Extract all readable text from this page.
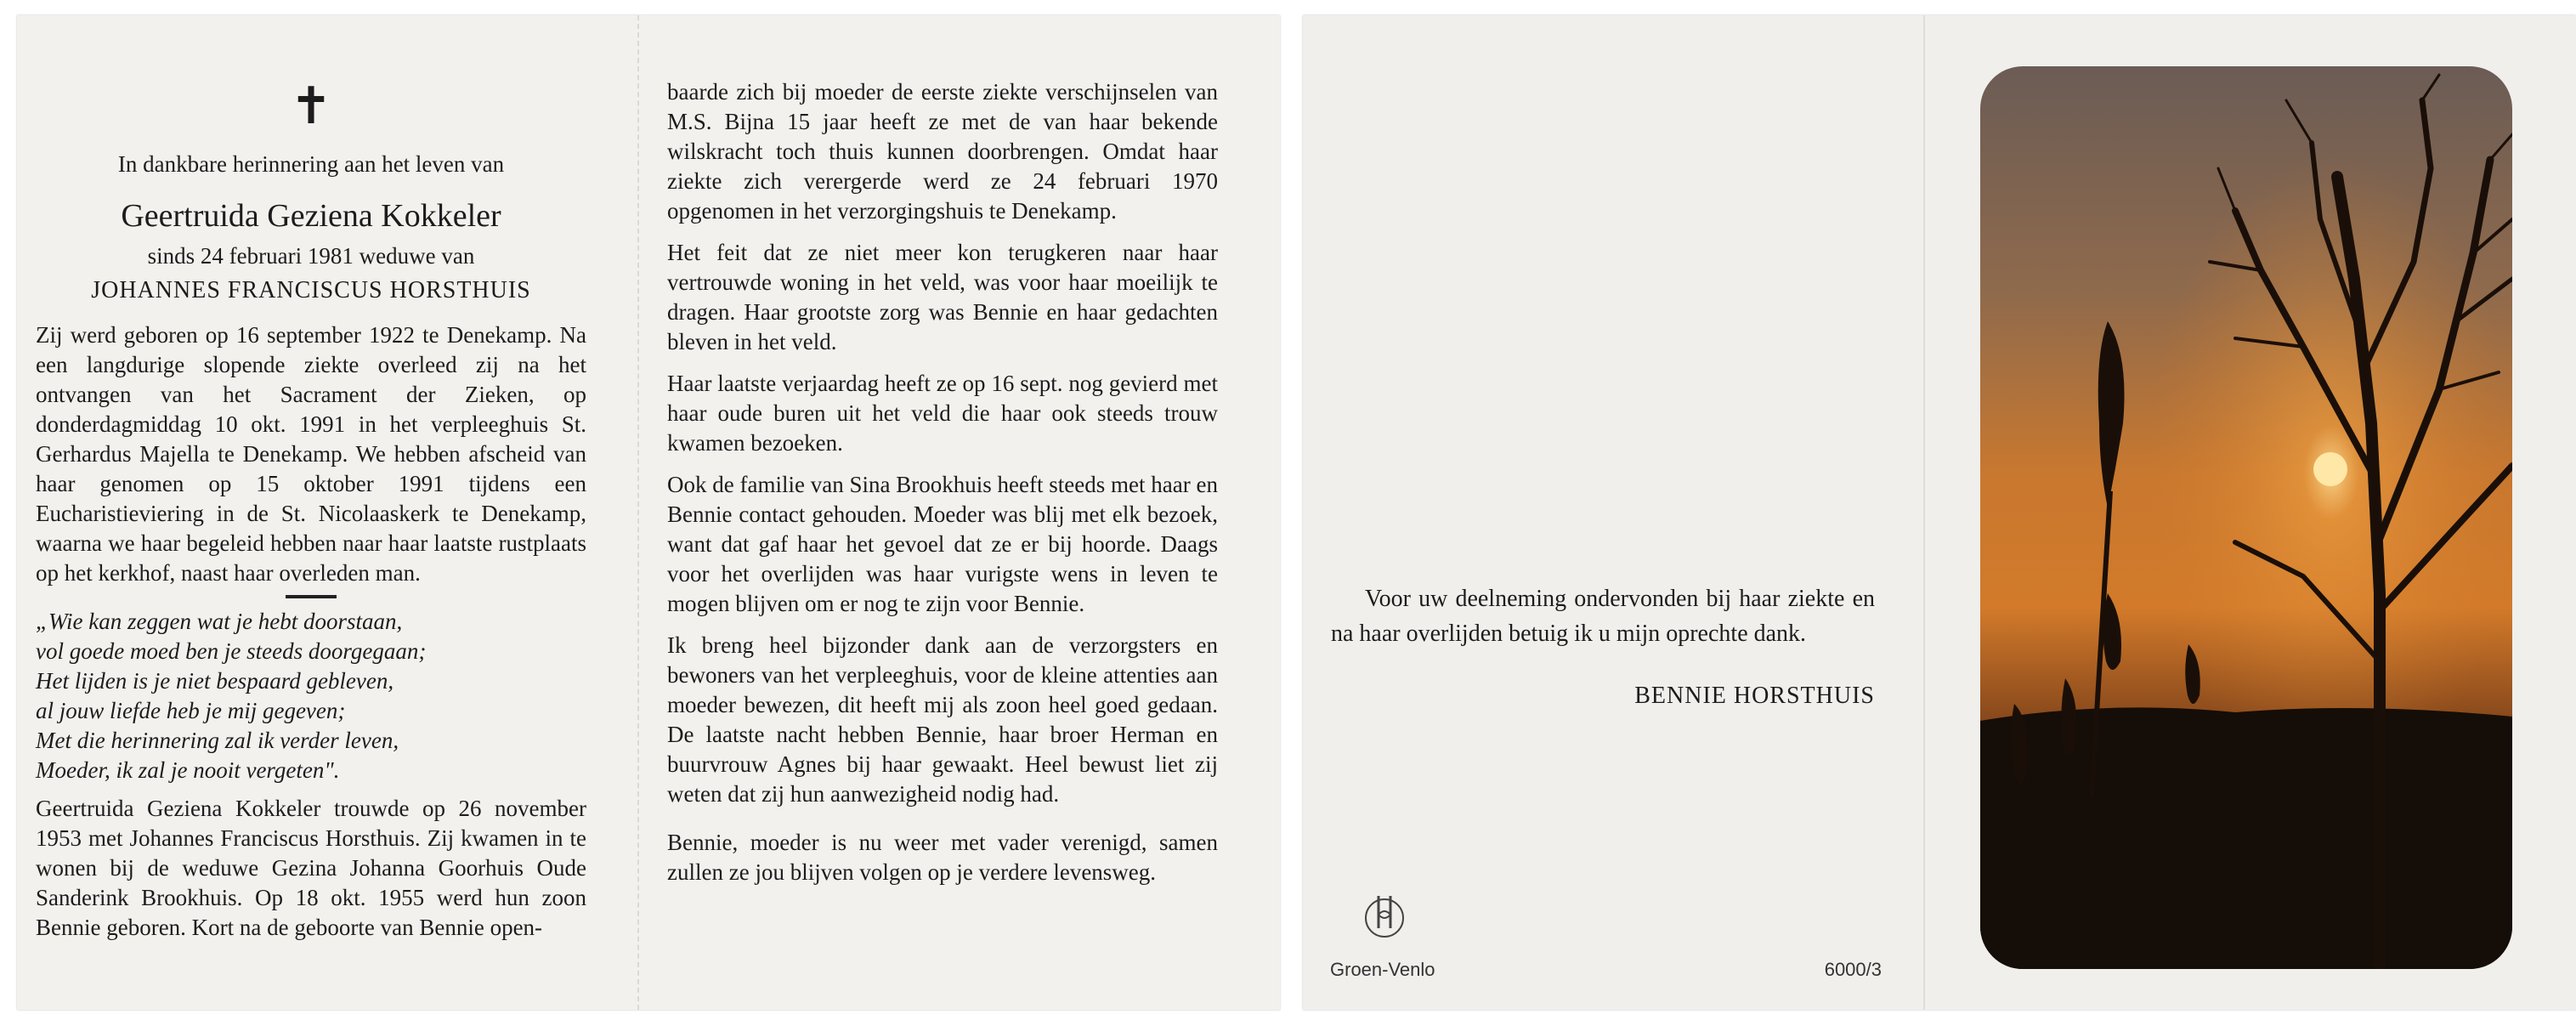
✝

In dankbare herinnering aan het leven van

Geertruida Geziena Kokkeler

sinds 24 februari 1981 weduwe van

JOHANNES FRANCISCUS HORSTHUIS

Zij werd geboren op 16 september 1922 te Denekamp. Na een langdurige slopende ziekte overleed zij na het ontvangen van het Sacrament der Zieken, op donderdagmiddag 10 okt. 1991 in het verpleeghuis St. Gerhardus Majella te Denekamp. We hebben afscheid van haar genomen op 15 oktober 1991 tijdens een Eucharistieviering in de St. Nicolaaskerk te Denekamp, waarna we haar begeleid hebben naar haar laatste rustplaats op het kerkhof, naast haar overleden man.

„Wie kan zeggen wat je hebt doorstaan,

vol goede moed ben je steeds doorgegaan;

Het lijden is je niet bespaard gebleven,

al jouw liefde heb je mij gegeven;

Met die herinnering zal ik verder leven,

Moeder, ik zal je nooit vergeten".

Geertruida Geziena Kokkeler trouwde op 26 november 1953 met Johannes Franciscus Horsthuis. Zij kwamen in te wonen bij de weduwe Gezina Johanna Goorhuis Oude Sanderink Brookhuis. Op 18 okt. 1955 werd hun zoon Bennie geboren. Kort na de geboorte van Bennie open-

baarde zich bij moeder de eerste ziekte verschijnselen van M.S. Bijna 15 jaar heeft ze met de van haar bekende wilskracht toch thuis kunnen doorbrengen. Omdat haar ziekte zich verergerde werd ze 24 februari 1970 opgenomen in het verzorgingshuis te Denekamp.

Het feit dat ze niet meer kon terugkeren naar haar vertrouwde woning in het veld, was voor haar moeilijk te dragen. Haar grootste zorg was Bennie en haar gedachten bleven in het veld.

Haar laatste verjaardag heeft ze op 16 sept. nog gevierd met haar oude buren uit het veld die haar ook steeds trouw kwamen bezoeken.

Ook de familie van Sina Brookhuis heeft steeds met haar en Bennie contact gehouden. Moeder was blij met elk bezoek, want dat gaf haar het gevoel dat ze er bij hoorde. Daags voor het overlijden was haar vurigste wens in leven te mogen blijven om er nog te zijn voor Bennie.

Ik breng heel bijzonder dank aan de verzorgsters en bewoners van het verpleeghuis, voor de kleine attenties aan moeder bewezen, dit heeft mij als zoon heel goed gedaan. De laatste nacht hebben Bennie, haar broer Herman en buurvrouw Agnes bij haar gewaakt. Heel bewust liet zij weten dat zij hun aanwezigheid nodig had.

Bennie, moeder is nu weer met vader verenigd, samen zullen ze jou blijven volgen op je verdere levensweg.

Voor uw deelneming ondervonden bij haar ziekte en na haar overlijden betuig ik u mijn oprechte dank.

BENNIE HORSTHUIS
Groen-Venlo	6000/3
